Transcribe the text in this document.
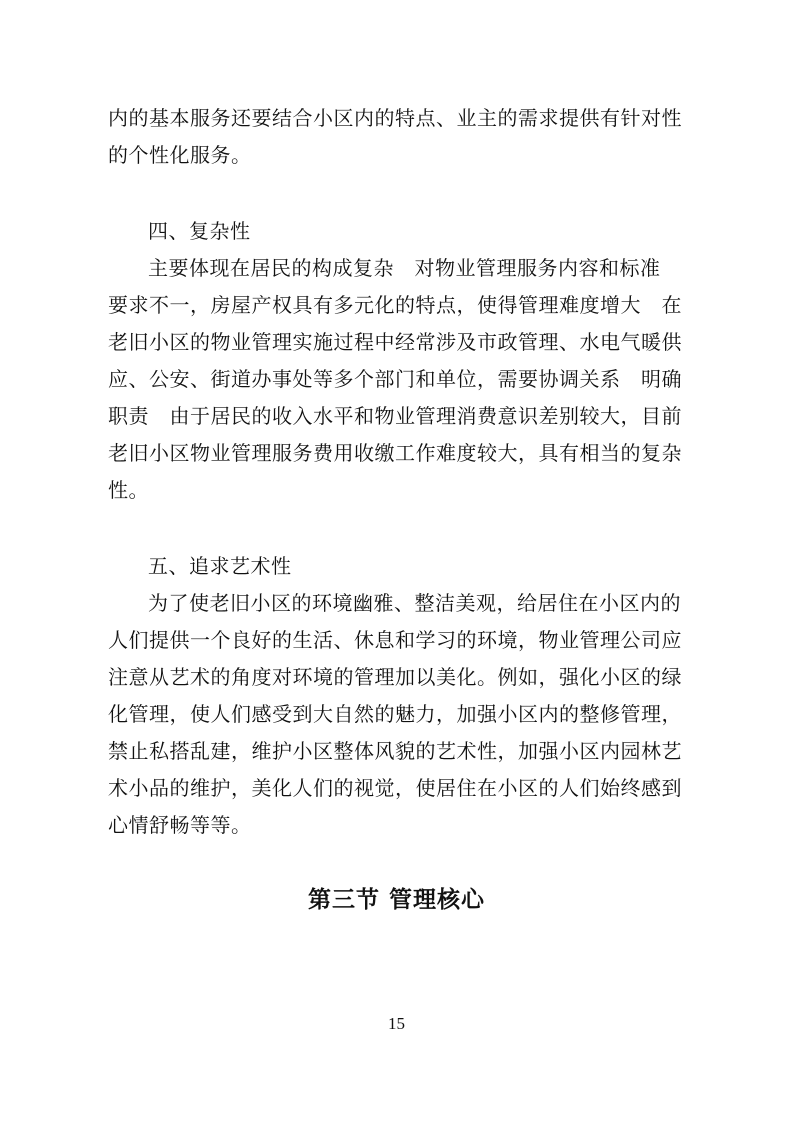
内的基本服务还要结合小区内的特点、业主的需求提供有针对性
的个性化服务。
四、复杂性
主要体现在居民的构成复杂　对物业管理服务内容和标准
要求不一，房屋产权具有多元化的特点，使得管理难度增大　在
老旧小区的物业管理实施过程中经常涉及市政管理、水电气暖供
应、公安、街道办事处等多个部门和单位，需要协调关系　明确
职责　由于居民的收入水平和物业管理消费意识差别较大，目前
老旧小区物业管理服务费用收缴工作难度较大，具有相当的复杂
性。
五、追求艺术性
为了使老旧小区的环境幽雅、整洁美观，给居住在小区内的
人们提供一个良好的生活、休息和学习的环境，物业管理公司应
注意从艺术的角度对环境的管理加以美化。例如，强化小区的绿
化管理，使人们感受到大自然的魅力，加强小区内的整修管理，
禁止私搭乱建，维护小区整体风貌的艺术性，加强小区内园林艺
术小品的维护，美化人们的视觉，使居住在小区的人们始终感到
心情舒畅等等。
第三节 管理核心
15
